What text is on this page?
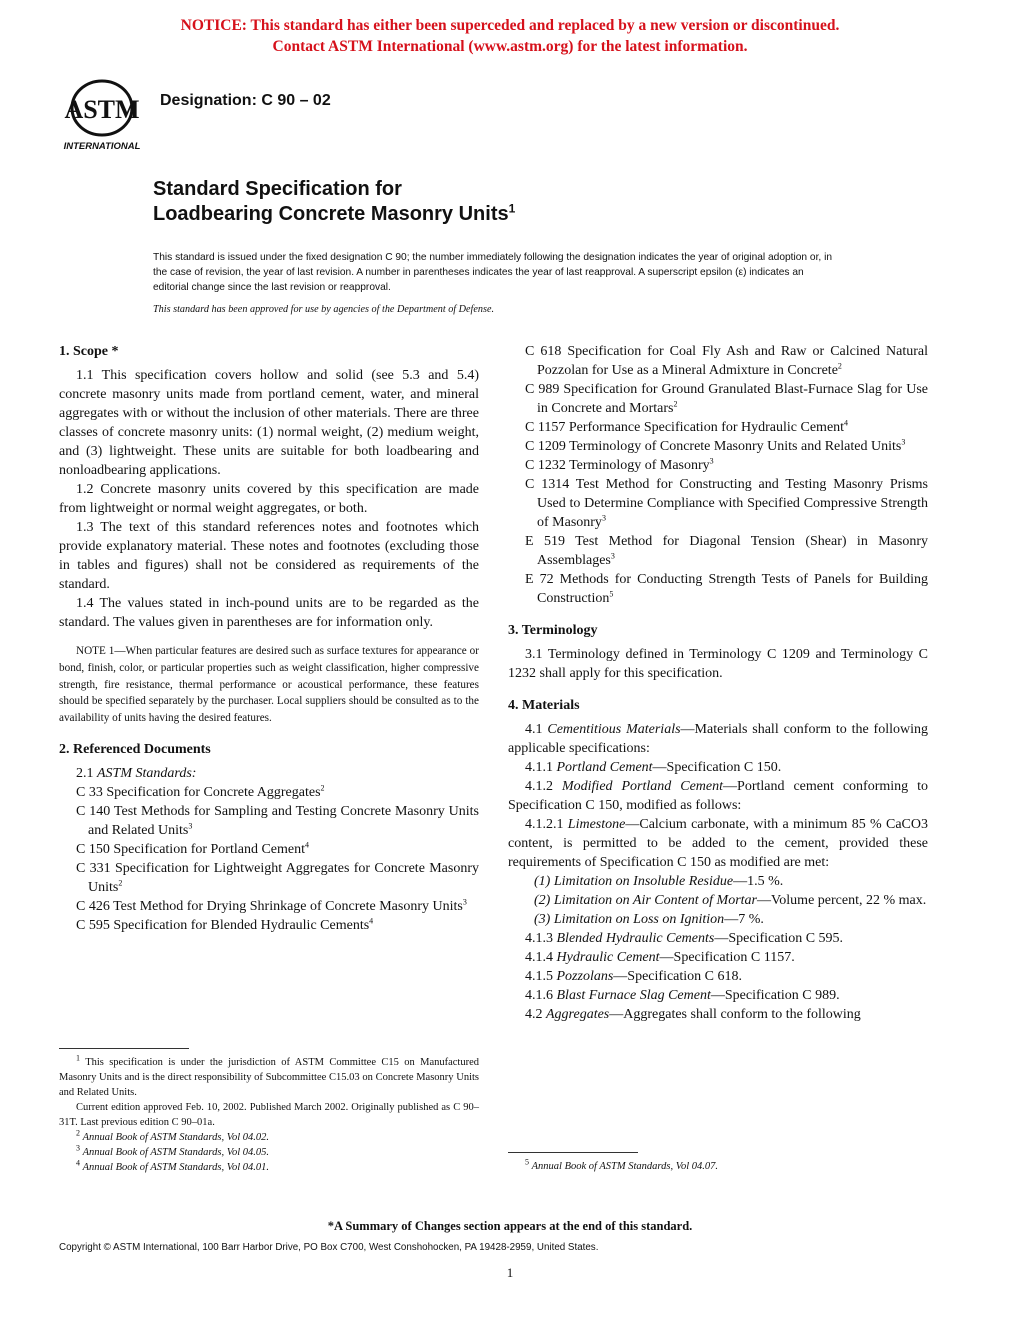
NOTICE: This standard has either been superceded and replaced by a new version or discontinued.
Contact ASTM International (www.astm.org) for the latest information.
ASTM
INTERNATIONAL
Designation: C 90 – 02
Standard Specification for
Loadbearing Concrete Masonry Units$^1$
This standard is issued under the fixed designation C 90; the number immediately following the designation indicates the year of original adoption or, in the case of revision, the year of last revision. A number in parentheses indicates the year of last reapproval. A superscript epsilon (ε) indicates an editorial change since the last revision or reapproval.
This standard has been approved for use by agencies of the Department of Defense.
1. Scope *

1.1 This specification covers hollow and solid (see 5.3 and 5.4) concrete masonry units made from portland cement, water, and mineral aggregates with or without the inclusion of other materials. There are three classes of concrete masonry units: (1) normal weight, (2) medium weight, and (3) lightweight. These units are suitable for both loadbearing and nonloadbearing applications.

1.2 Concrete masonry units covered by this specification are made from lightweight or normal weight aggregates, or both.

1.3 The text of this standard references notes and footnotes which provide explanatory material. These notes and footnotes (excluding those in tables and figures) shall not be considered as requirements of the standard.

1.4 The values stated in inch-pound units are to be regarded as the standard. The values given in parentheses are for information only.

NOTE 1—When particular features are desired such as surface textures for appearance or bond, finish, color, or particular properties such as weight classification, higher compressive strength, fire resistance, thermal performance or acoustical performance, these features should be specified separately by the purchaser. Local suppliers should be consulted as to the availability of units having the desired features.

2. Referenced Documents

2.1 ASTM Standards:

C 33 Specification for Concrete Aggregates$^2$

C 140 Test Methods for Sampling and Testing Concrete Masonry Units and Related Units$^3$

C 150 Specification for Portland Cement$^4$

C 331 Specification for Lightweight Aggregates for Concrete Masonry Units$^2$

C 426 Test Method for Drying Shrinkage of Concrete Masonry Units$^3$

C 595 Specification for Blended Hydraulic Cements$^4$

C 618 Specification for Coal Fly Ash and Raw or Calcined Natural Pozzolan for Use as a Mineral Admixture in Concrete$^2$

C 989 Specification for Ground Granulated Blast-Furnace Slag for Use in Concrete and Mortars$^2$

C 1157 Performance Specification for Hydraulic Cement$^4$

C 1209 Terminology of Concrete Masonry Units and Related Units$^3$

C 1232 Terminology of Masonry$^3$

C 1314 Test Method for Constructing and Testing Masonry Prisms Used to Determine Compliance with Specified Compressive Strength of Masonry$^3$

E 519 Test Method for Diagonal Tension (Shear) in Masonry Assemblages$^3$

E 72 Methods for Conducting Strength Tests of Panels for Building Construction$^5$

3. Terminology

3.1 Terminology defined in Terminology C 1209 and Terminology C 1232 shall apply for this specification.

4. Materials

4.1 Cementitious Materials—Materials shall conform to the following applicable specifications:

4.1.1 Portland Cement—Specification C 150.

4.1.2 Modified Portland Cement—Portland cement conforming to Specification C 150, modified as follows:

4.1.2.1 Limestone—Calcium carbonate, with a minimum 85 % CaCO3 content, is permitted to be added to the cement, provided these requirements of Specification C 150 as modified are met:

(1) Limitation on Insoluble Residue—1.5 %.

(2) Limitation on Air Content of Mortar—Volume percent, 22 % max.

(3) Limitation on Loss on Ignition—7 %.

4.1.3 Blended Hydraulic Cements—Specification C 595.

4.1.4 Hydraulic Cement—Specification C 1157.

4.1.5 Pozzolans—Specification C 618.

4.1.6 Blast Furnace Slag Cement—Specification C 989.

4.2 Aggregates—Aggregates shall conform to the following

$^1$ This specification is under the jurisdiction of ASTM Committee C15 on Manufactured Masonry Units and is the direct responsibility of Subcommittee C15.03 on Concrete Masonry Units and Related Units.

Current edition approved Feb. 10, 2002. Published March 2002. Originally published as C 90–31T. Last previous edition C 90–01a.

$^2$ Annual Book of ASTM Standards, Vol 04.02.

$^3$ Annual Book of ASTM Standards, Vol 04.05.

$^4$ Annual Book of ASTM Standards, Vol 04.01.	$^5$ Annual Book of ASTM Standards, Vol 04.07.

*A Summary of Changes section appears at the end of this standard.
Copyright © ASTM International, 100 Barr Harbor Drive, PO Box C700, West Conshohocken, PA 19428-2959, United States.
1
